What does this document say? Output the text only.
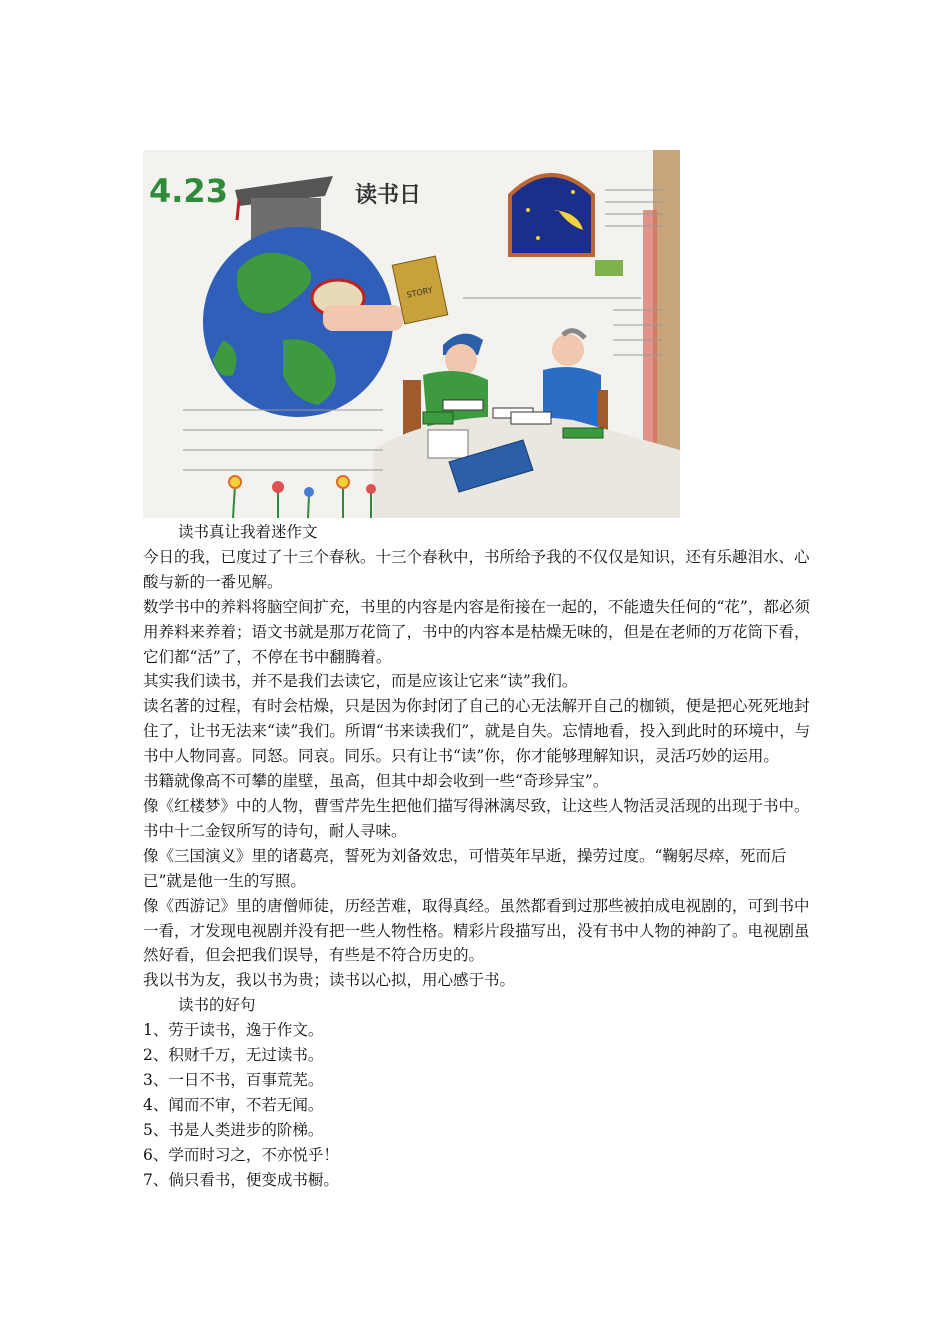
4.23	读书日
STORY

读书真让我着迷作文

今日的我，已度过了十三个春秋。十三个春秋中，书所给予我的不仅仅是知识，还有乐趣泪水、心酸与新的一番见解。

数学书中的养料将脑空间扩充，书里的内容是内容是衔接在一起的，不能遗失任何的“花”，都必须用养料来养着；语文书就是那万花筒了，书中的内容本是枯燥无味的，但是在老师的万花筒下看，它们都“活”了，不停在书中翻腾着。

其实我们读书，并不是我们去读它，而是应该让它来“读”我们。

读名著的过程，有时会枯燥，只是因为你封闭了自己的心无法解开自己的枷锁，便是把心死死地封住了，让书无法来“读”我们。所谓“书来读我们”，就是自失。忘情地看，投入到此时的环境中，与书中人物同喜。同怒。同哀。同乐。只有让书“读”你，你才能够理解知识，灵活巧妙的运用。

书籍就像高不可攀的崖壁，虽高，但其中却会收到一些“奇珍异宝”。

像《红楼梦》中的人物，曹雪芹先生把他们描写得淋漓尽致，让这些人物活灵活现的出现于书中。书中十二金钗所写的诗句，耐人寻味。

像《三国演义》里的诸葛亮，誓死为刘备效忠，可惜英年早逝，操劳过度。“鞠躬尽瘁，死而后已”就是他一生的写照。

像《西游记》里的唐僧师徒，历经苦难，取得真经。虽然都看到过那些被拍成电视剧的，可到书中一看，才发现电视剧并没有把一些人物性格。精彩片段描写出，没有书中人物的神韵了。电视剧虽然好看，但会把我们误导，有些是不符合历史的。

我以书为友，我以书为贵；读书以心拟，用心感于书。

读书的好句

1、劳于读书，逸于作文。

2、积财千万，无过读书。

3、一日不书，百事荒芜。

4、闻而不审，不若无闻。

5、书是人类进步的阶梯。

6、学而时习之，不亦悦乎！

7、倘只看书，便变成书橱。
